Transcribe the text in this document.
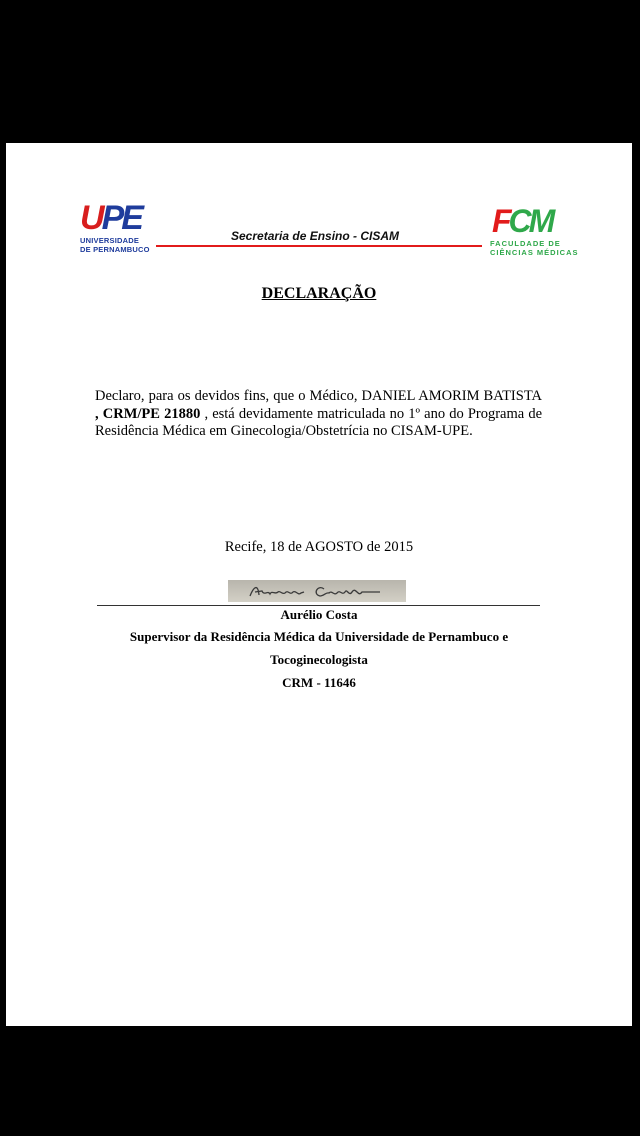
UPE
UNIVERSIDADE
DE PERNAMBUCO
Secretaria de Ensino - CISAM	FCM
FACULDADE DE
CIÊNCIAS MÉDICAS
DECLARAÇÃO
Declaro, para os devidos fins, que o Médico, DANIEL AMORIM BATISTA , CRM/PE 21880 , está devidamente matriculada no 1º ano do Programa de Residência Médica em Ginecologia/Obstetrícia no CISAM-UPE.
Recife, 18 de AGOSTO de 2015
Aurélio Costa
Supervisor da Residência Médica da Universidade de Pernambuco e
Tocoginecologista
CRM - 11646
